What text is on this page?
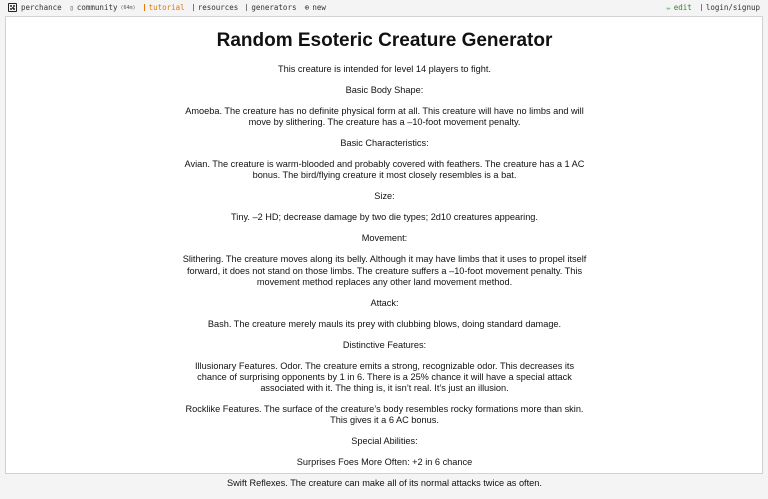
perchance ▯ community (64m) tutorial resources generators ⊕ new	✏ edit login/signup
Random Esoteric Creature Generator

This creature is intended for level 14 players to fight.

Basic Body Shape:

Amoeba. The creature has no definite physical form at all. This creature will have no limbs and will move by slithering. The creature has a –10-foot movement penalty.

Basic Characteristics:

Avian. The creature is warm-blooded and probably covered with feathers. The creature has a 1 AC bonus. The bird/flying creature it most closely resembles is a bat.

Size:

Tiny. –2 HD; decrease damage by two die types; 2d10 creatures appearing.

Movement:

Slithering. The creature moves along its belly. Although it may have limbs that it uses to propel itself forward, it does not stand on those limbs. The creature suffers a –10-foot movement penalty. This movement method replaces any other land movement method.

Attack:

Bash. The creature merely mauls its prey with clubbing blows, doing standard damage.

Distinctive Features:

Illusionary Features. Odor. The creature emits a strong, recognizable odor. This decreases its chance of surprising opponents by 1 in 6. There is a 25% chance it will have a special attack associated with it. The thing is, it isn’t real. It’s just an illusion.

Rocklike Features. The surface of the creature’s body resembles rocky formations more than skin. This gives it a 6 AC bonus.

Special Abilities:

Surprises Foes More Often: +2 in 6 chance

Swift Reflexes. The creature can make all of its normal attacks twice as often.
